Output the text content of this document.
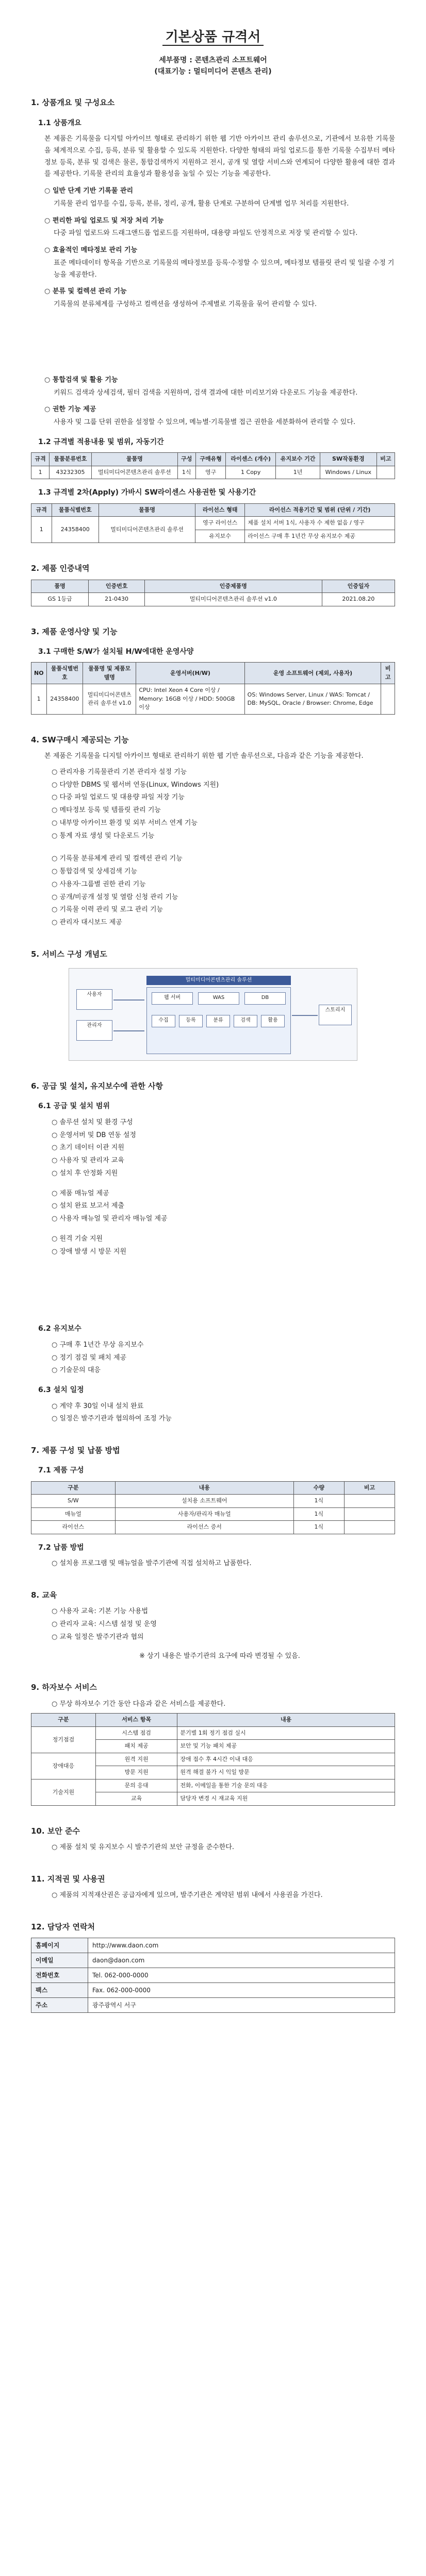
기본상품 규격서
세부품명 : 콘텐츠관리 소프트웨어
(대표기능 : 멀티미디어 콘텐츠 관리)
1. 상품개요 및 구성요소
1.1 상품개요
본 제품은 기록물을 디지털 아카이브 형태로 관리하기 위한 웹 기반 아카이브 관리 솔루션으로, 기관에서 보유한 기록물을 체계적으로 수집, 등록, 분류 및 활용할 수 있도록 지원한다. 다양한 형태의 파일 업로드를 통한 기록물 수집부터 메타정보 등록, 분류 및 검색은 물론, 통합검색까지 지원하고 전시, 공개 및 열람 서비스와 연계되어 다양한 활용에 대한 결과를 제공한다. 기록물 관리의 효율성과 활용성을 높일 수 있는 기능을 제공한다.
○ 일반 단계 기반 기록물 관리
기록물 관리 업무를 수집, 등록, 분류, 정리, 공개, 활용 단계로 구분하여 단계별 업무 처리를 지원한다.
○ 편리한 파일 업로드 및 저장 처리 기능
다중 파일 업로드와 드래그앤드롭 업로드를 지원하며, 대용량 파일도 안정적으로 저장 및 관리할 수 있다.
○ 효율적인 메타정보 관리 기능
표준 메타데이터 항목을 기반으로 기록물의 메타정보를 등록·수정할 수 있으며, 메타정보 템플릿 관리 및 일괄 수정 기능을 제공한다.
○ 분류 및 컬렉션 관리 기능
기록물의 분류체계를 구성하고 컬렉션을 생성하여 주제별로 기록물을 묶어 관리할 수 있다.
○ 통합검색 및 활용 기능
키워드 검색과 상세검색, 필터 검색을 지원하며, 검색 결과에 대한 미리보기와 다운로드 기능을 제공한다.
○ 권한 기능 제공
사용자 및 그룹 단위 권한을 설정할 수 있으며, 메뉴별·기록물별 접근 권한을 세분화하여 관리할 수 있다.
1.2 규격별 적용내용 및 범위, 자동기간
규격	물품분류번호	물품명	구성	구매유형	라이센스 (개수)	유지보수 기간	SW작동환경	비고
1	43232305	멀티미디어콘텐츠관리 솔루션	1식	영구	1 Copy	1년	Windows / Linux	
1.3 규격별 2차(Apply) 가바시 SW라이센스 사용권한 및 사용기간
규격	물품식별번호	물품명	라이선스 형태	라이선스 적용기간 및 범위 (단위 / 기간)
1	24358400	멀티미디어콘텐츠관리 솔루션	영구 라이선스	제품 설치 서버 1식, 사용자 수 제한 없음 / 영구
			유지보수	라이선스 구매 후 1년간 무상 유지보수 제공
2. 제품 인증내역
품명	인증번호	인증제품명	인증일자
GS 1등급	21-0430	멀티미디어콘텐츠관리 솔루션 v1.0	2021.08.20
3. 제품 운영사양 및 기능
3.1 구매한 S/W가 설치될 H/W에대한 운영사양
NO	물품식별번호	물품명 및 제품모델명	운영서버(H/W)	운영 소프트웨어 (제외, 사용자)	비고
1	24358400	멀티미디어콘텐츠관리 솔루션 v1.0	CPU: Intel Xeon 4 Core 이상 / Memory: 16GB 이상 / HDD: 500GB 이상	OS: Windows Server, Linux / WAS: Tomcat / DB: MySQL, Oracle / Browser: Chrome, Edge	
4. SW구매시 제공되는 기능
본 제품은 기록물을 디지털 아카이브 형태로 관리하기 위한 웹 기반 솔루션으로, 다음과 같은 기능을 제공한다.
○ 관리자용 기록물관리 기본 관리자 설정 기능
○ 다양한 DBMS 및 웹서버 연동(Linux, Windows 지원)
○ 다중 파일 업로드 및 대용량 파일 저장 기능
○ 메타정보 등록 및 템플릿 관리 기능
○ 내부망 아카이브 환경 및 외부 서비스 연계 기능
○ 통계 자료 생성 및 다운로드 기능
○ 기록물 분류체계 관리 및 컬렉션 관리 기능
○ 통합검색 및 상세검색 기능
○ 사용자·그룹별 권한 관리 기능
○ 공개/비공개 설정 및 열람 신청 관리 기능
○ 기록물 이력 관리 및 로그 관리 기능
○ 관리자 대시보드 제공
5. 서비스 구성 개념도
사용자
관리자
멀티미디어콘텐츠관리 솔루션
웹 서버	WAS	DB
수집	등록	분류	검색	활용
스토리지
6. 공급 및 설치, 유지보수에 관한 사항
6.1 공급 및 설치 범위
○ 솔루션 설치 및 환경 구성
○ 운영서버 및 DB 연동 설정
○ 초기 데이터 이관 지원
○ 사용자 및 관리자 교육
○ 설치 후 안정화 지원
○ 제품 매뉴얼 제공
○ 설치 완료 보고서 제출
○ 사용자 매뉴얼 및 관리자 매뉴얼 제공
○ 원격 기술 지원
○ 장애 발생 시 방문 지원
6.2 유지보수
○ 구매 후 1년간 무상 유지보수
○ 정기 점검 및 패치 제공
○ 기술문의 대응
6.3 설치 일정
○ 계약 후 30일 이내 설치 완료
○ 일정은 발주기관과 협의하여 조정 가능
7. 제품 구성 및 납품 방법
7.1 제품 구성
구분	내용	수량	비고
S/W	설치용 소프트웨어	1식	
매뉴얼	사용자/관리자 매뉴얼	1식	
라이선스	라이선스 증서	1식	
7.2 납품 방법
○ 설치용 프로그램 및 매뉴얼을 발주기관에 직접 설치하고 납품한다.
8. 교육
○ 사용자 교육: 기본 기능 사용법
○ 관리자 교육: 시스템 설정 및 운영
○ 교육 일정은 발주기관과 협의
※ 상기 내용은 발주기관의 요구에 따라 변경될 수 있음.
9. 하자보수 서비스
○ 무상 하자보수 기간 동안 다음과 같은 서비스를 제공한다.
구분	서비스 항목	내용
정기점검	시스템 점검	분기별 1회 정기 점검 실시
	패치 제공	보안 및 기능 패치 제공
장애대응	원격 지원	장애 접수 후 4시간 이내 대응
	방문 지원	원격 해결 불가 시 익일 방문
기술지원	문의 응대	전화, 이메일을 통한 기술 문의 대응
	교육	담당자 변경 시 재교육 지원
10. 보안 준수
○ 제품 설치 및 유지보수 시 발주기관의 보안 규정을 준수한다.
11. 지적권 및 사용권
○ 제품의 지적재산권은 공급자에게 있으며, 발주기관은 계약된 범위 내에서 사용권을 가진다.
12. 담당자 연락처
홈페이지	http://www.daon.com
이메일	daon@daon.com
전화번호	Tel. 062-000-0000
팩스	Fax. 062-000-0000
주소	광주광역시 서구
